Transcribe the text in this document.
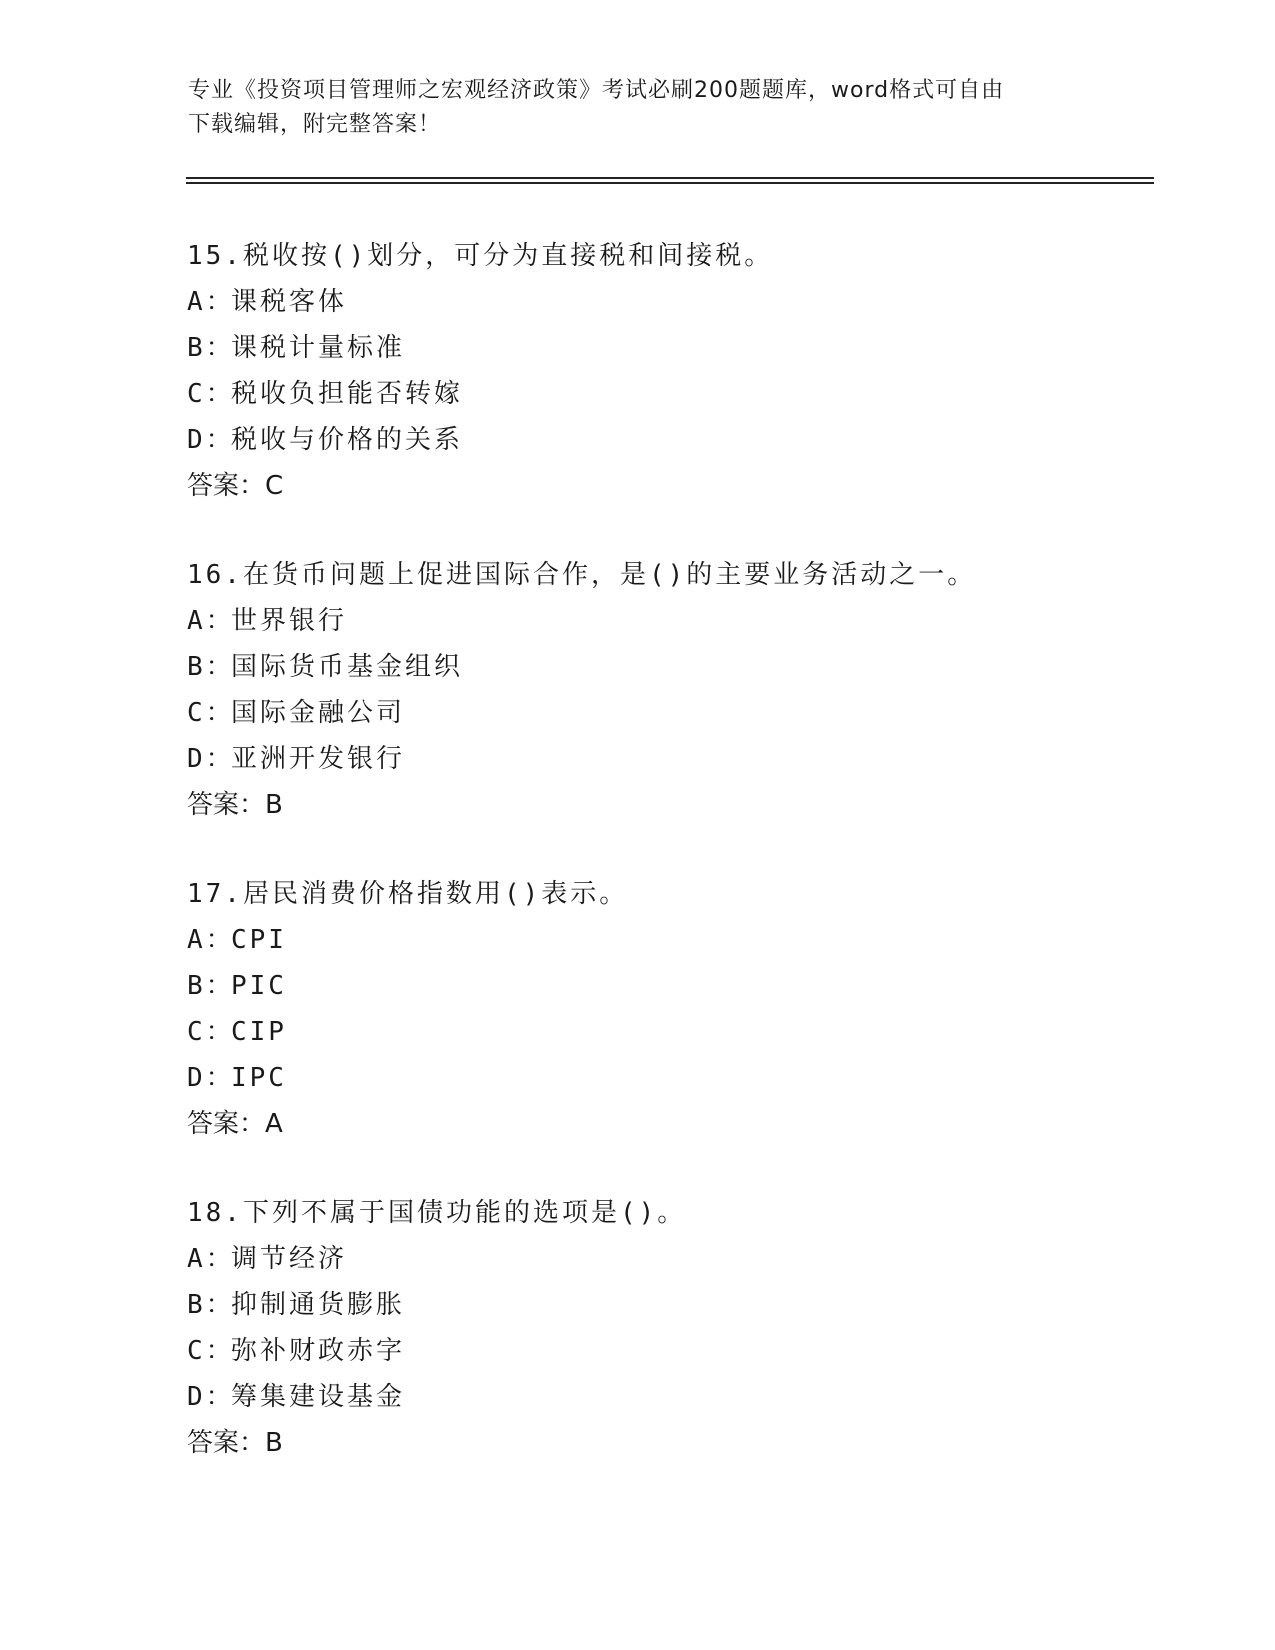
专业《投资项目管理师之宏观经济政策》考试必刷200题题库，word格式可自由
下载编辑，附完整答案！
15.税收按()划分，可分为直接税和间接税。
A：课税客体
B：课税计量标准
C：税收负担能否转嫁
D：税收与价格的关系
答案：C
16.在货币问题上促进国际合作，是()的主要业务活动之一。
A：世界银行
B：国际货币基金组织
C：国际金融公司
D：亚洲开发银行
答案：B
17.居民消费价格指数用()表示。
A：CPI
B：PIC
C：CIP
D：IPC
答案：A
18.下列不属于国债功能的选项是()。
A：调节经济
B：抑制通货膨胀
C：弥补财政赤字
D：筹集建设基金
答案：B
